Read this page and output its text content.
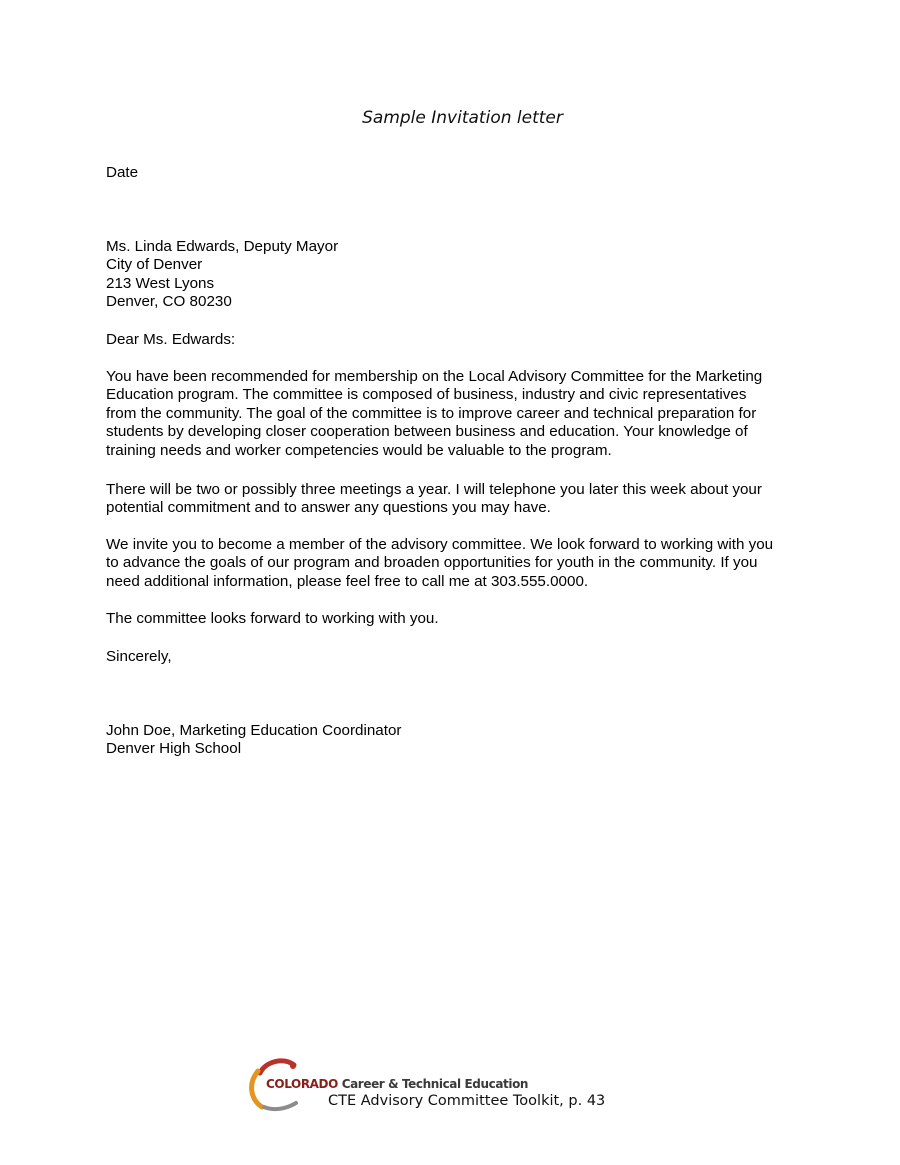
Sample Invitation letter
Date
Ms. Linda Edwards, Deputy Mayor
City of Denver
213 West Lyons
Denver, CO 80230
Dear Ms. Edwards:
You have been recommended for membership on the Local Advisory Committee for the Marketing
Education program. The committee is composed of business, industry and civic representatives
from the community. The goal of the committee is to improve career and technical preparation for
students by developing closer cooperation between business and education. Your knowledge of
training needs and worker competencies would be valuable to the program.
There will be two or possibly three meetings a year. I will telephone you later this week about your
potential commitment and to answer any questions you may have.
We invite you to become a member of the advisory committee. We look forward to working with you
to advance the goals of our program and broaden opportunities for youth in the community. If you
need additional information, please feel free to call me at 303.555.0000.
The committee looks forward to working with you.
Sincerely,
John Doe, Marketing Education Coordinator
Denver High School
COLORADO Career & Technical Education
CTE Advisory Committee Toolkit, p. 43
